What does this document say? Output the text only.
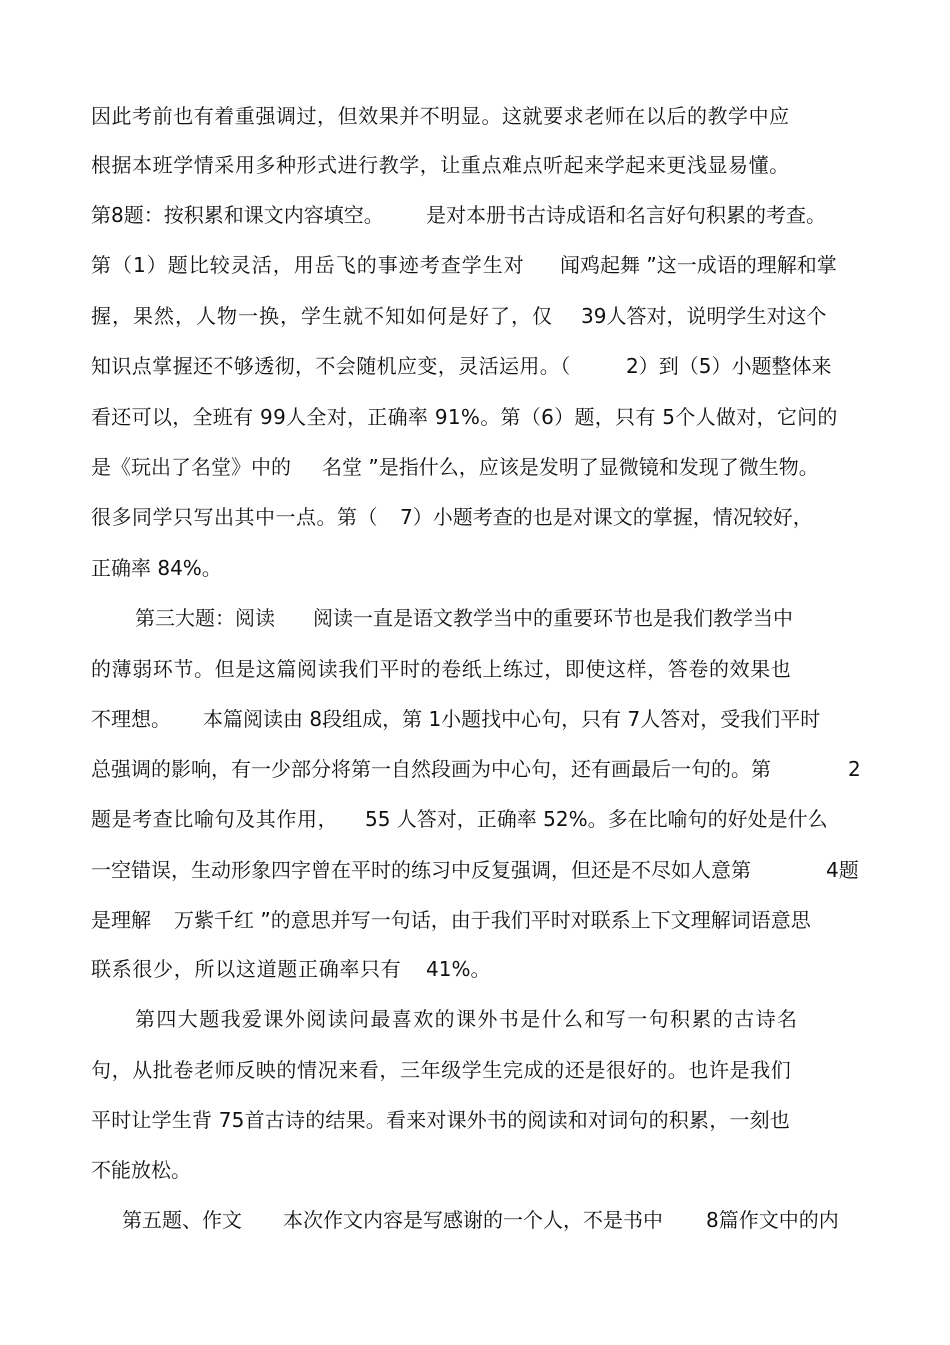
因此考前也有着重强调过，但效果并不明显。这就要求老师在以后的教学中应
根据本班学情采用多种形式进行教学，让重点难点听起来学起来更浅显易懂。
第8题：按积累和课文内容填空。 是对本册书古诗成语和名言好句积累的考查。
第（1）题比较灵活，用岳飞的事迹考查学生对 闻鸡起舞 ”这一成语的理解和掌
握，果然，人物一换，学生就不知如何是好了，仅 39人答对，说明学生对这个
知识点掌握还不够透彻，不会随机应变，灵活运用。（	2）到（5）小题整体来
看还可以，全班有 99人全对，正确率 91%。第（6）题，只有 5个人做对，它问的
是《玩出了名堂》中的 名堂 ”是指什么，应该是发明了显微镜和发现了微生物。
很多同学只写出其中一点。第（ 7）小题考查的也是对课文的掌握，情况较好，
正确率 84%。
第三大题：阅读 阅读一直是语文教学当中的重要环节也是我们教学当中
的薄弱环节。但是这篇阅读我们平时的卷纸上练过，即使这样，答卷的效果也
不理想。 本篇阅读由 8段组成，第 1小题找中心句，只有 7人答对，受我们平时
总强调的影响，有一少部分将第一自然段画为中心句，还有画最后一句的。第	2
题是考查比喻句及其作用， 55 人答对，正确率 52%。多在比喻句的好处是什么
一空错误，生动形象四字曾在平时的练习中反复强调，但还是不尽如人意第	4题
是理解 万紫千红 ”的意思并写一句话，由于我们平时对联系上下文理解词语意思
联系很少，所以这道题正确率只有 41%。
第四大题我爱课外阅读问最喜欢的课外书是什么和写一句积累的古诗名
句，从批卷老师反映的情况来看，三年级学生完成的还是很好的。也许是我们
平时让学生背 75首古诗的结果。看来对课外书的阅读和对词句的积累，一刻也
不能放松。
第五题、作文 本次作文内容是写感谢的一个人，不是书中 8篇作文中的内
